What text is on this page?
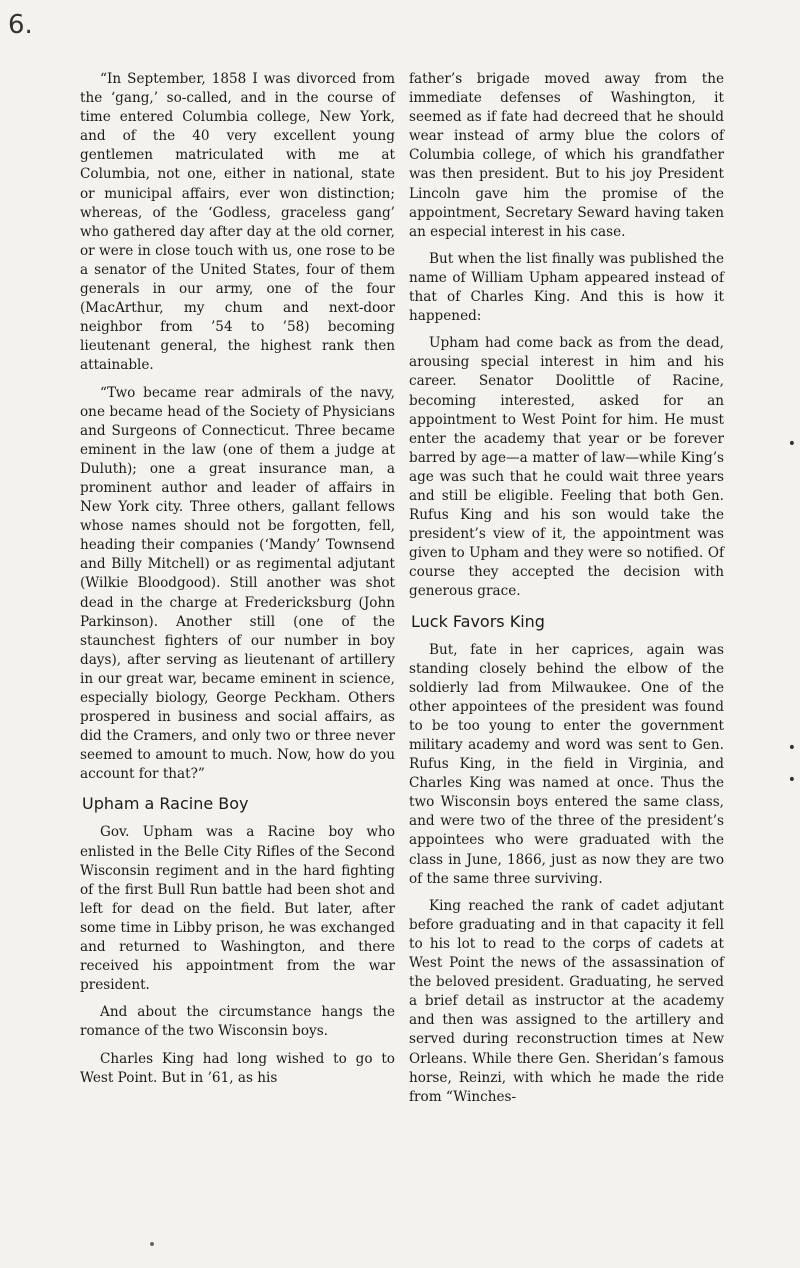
6.

“In September, 1858 I was divorced from the ‘gang,’ so-called, and in the course of time entered Columbia college, New York, and of the 40 very excellent young gentlemen matriculated with me at Columbia, not one, either in national, state or municipal affairs, ever won distinction; whereas, of the ‘Godless, graceless gang’ who gathered day after day at the old corner, or were in close touch with us, one rose to be a senator of the United States, four of them generals in our army, one of the four (MacArthur, my chum and next-door neighbor from ’54 to ’58) becoming lieutenant general, the highest rank then attainable.

“Two became rear admirals of the navy, one became head of the Society of Physicians and Surgeons of Connecticut. Three became eminent in the law (one of them a judge at Duluth); one a great insurance man, a prominent author and leader of affairs in New York city. Three others, gallant fellows whose names should not be forgotten, fell, heading their companies (‘Mandy’ Townsend and Billy Mitchell) or as regimental adjutant (Wilkie Bloodgood). Still another was shot dead in the charge at Fredericksburg (John Parkinson). Another still (one of the staunchest fighters of our number in boy days), after serving as lieutenant of artillery in our great war, became eminent in science, especially biology, George Peckham. Others prospered in business and social affairs, as did the Cramers, and only two or three never seemed to amount to much. Now, how do you account for that?”

Upham a Racine Boy

Gov. Upham was a Racine boy who enlisted in the Belle City Rifles of the Second Wisconsin regiment and in the hard fighting of the first Bull Run battle had been shot and left for dead on the field. But later, after some time in Libby prison, he was exchanged and returned to Washington, and there received his appointment from the war president.

And about the circumstance hangs the romance of the two Wisconsin boys.

Charles King had long wished to go to West Point. But in ’61, as his

father’s brigade moved away from the immediate defenses of Washington, it seemed as if fate had decreed that he should wear instead of army blue the colors of Columbia college, of which his grandfather was then president. But to his joy President Lincoln gave him the promise of the appointment, Secretary Seward having taken an especial interest in his case.

But when the list finally was published the name of William Upham appeared instead of that of Charles King. And this is how it happened:

Upham had come back as from the dead, arousing special interest in him and his career. Senator Doolittle of Racine, becoming interested, asked for an appointment to West Point for him. He must enter the academy that year or be forever barred by age—a matter of law—while King’s age was such that he could wait three years and still be eligible. Feeling that both Gen. Rufus King and his son would take the president’s view of it, the appointment was given to Upham and they were so notified. Of course they accepted the decision with generous grace.

Luck Favors King

But, fate in her caprices, again was standing closely behind the elbow of the soldierly lad from Milwaukee. One of the other appointees of the president was found to be too young to enter the government military academy and word was sent to Gen. Rufus King, in the field in Virginia, and Charles King was named at once. Thus the two Wisconsin boys entered the same class, and were two of the three of the president’s appointees who were graduated with the class in June, 1866, just as now they are two of the same three surviving.

King reached the rank of cadet adjutant before graduating and in that capacity it fell to his lot to read to the corps of cadets at West Point the news of the assassination of the beloved president. Graduating, he served a brief detail as instructor at the academy and then was assigned to the artillery and served during reconstruction times at New Orleans. While there Gen. Sheridan’s famous horse, Reinzi, with which he made the ride from “Winches-

•
•
•
